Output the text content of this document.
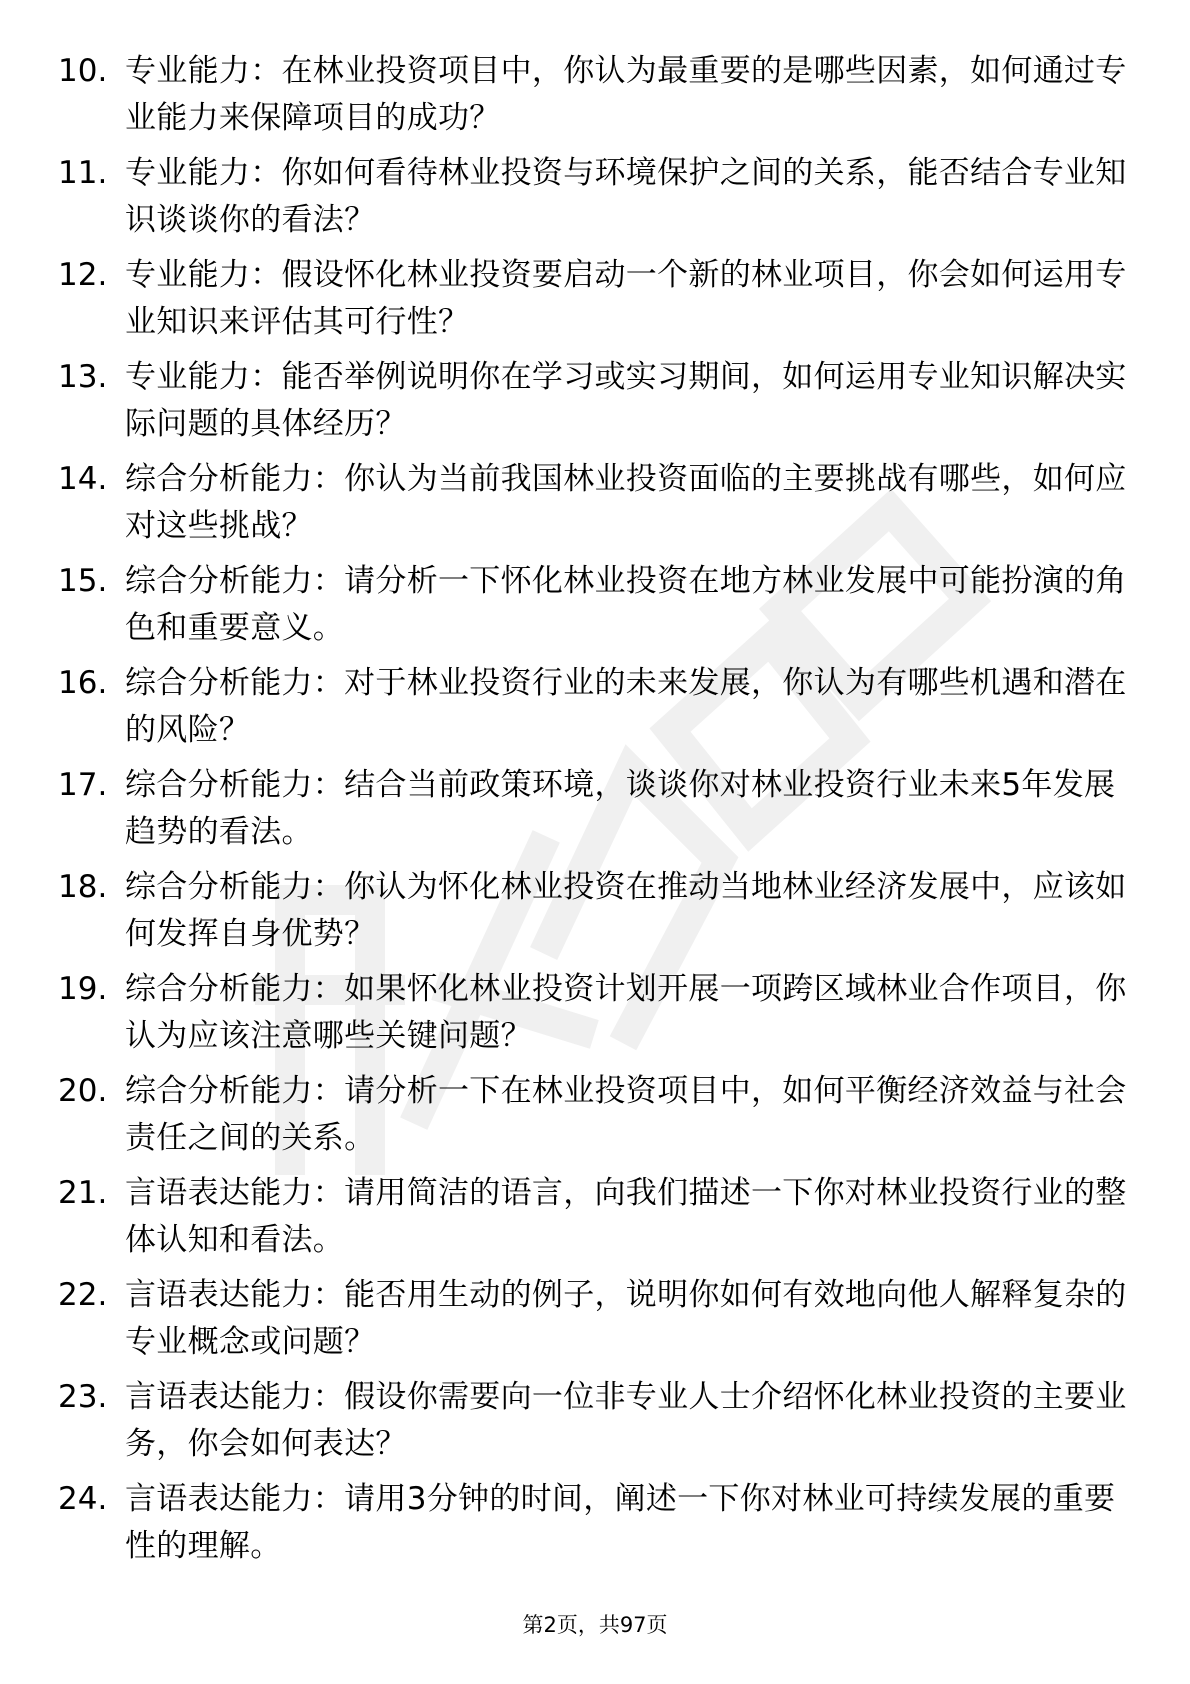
10. 专业能力：在林业投资项目中，你认为最重要的是哪些因素，如何通过专业能力来保障项目的成功？
11. 专业能力：你如何看待林业投资与环境保护之间的关系，能否结合专业知识谈谈你的看法？
12. 专业能力：假设怀化林业投资要启动一个新的林业项目，你会如何运用专业知识来评估其可行性？
13. 专业能力：能否举例说明你在学习或实习期间，如何运用专业知识解决实际问题的具体经历？
14. 综合分析能力：你认为当前我国林业投资面临的主要挑战有哪些，如何应对这些挑战？
15. 综合分析能力：请分析一下怀化林业投资在地方林业发展中可能扮演的角色和重要意义。
16. 综合分析能力：对于林业投资行业的未来发展，你认为有哪些机遇和潜在的风险？
17. 综合分析能力：结合当前政策环境，谈谈你对林业投资行业未来5年发展趋势的看法。
18. 综合分析能力：你认为怀化林业投资在推动当地林业经济发展中，应该如何发挥自身优势？
19. 综合分析能力：如果怀化林业投资计划开展一项跨区域林业合作项目，你认为应该注意哪些关键问题？
20. 综合分析能力：请分析一下在林业投资项目中，如何平衡经济效益与社会责任之间的关系。
21. 言语表达能力：请用简洁的语言，向我们描述一下你对林业投资行业的整体认知和看法。
22. 言语表达能力：能否用生动的例子，说明你如何有效地向他人解释复杂的专业概念或问题？
23. 言语表达能力：假设你需要向一位非专业人士介绍怀化林业投资的主要业务，你会如何表达？
24. 言语表达能力：请用3分钟的时间，阐述一下你对林业可持续发展的重要性的理解。
第2页，共97页
